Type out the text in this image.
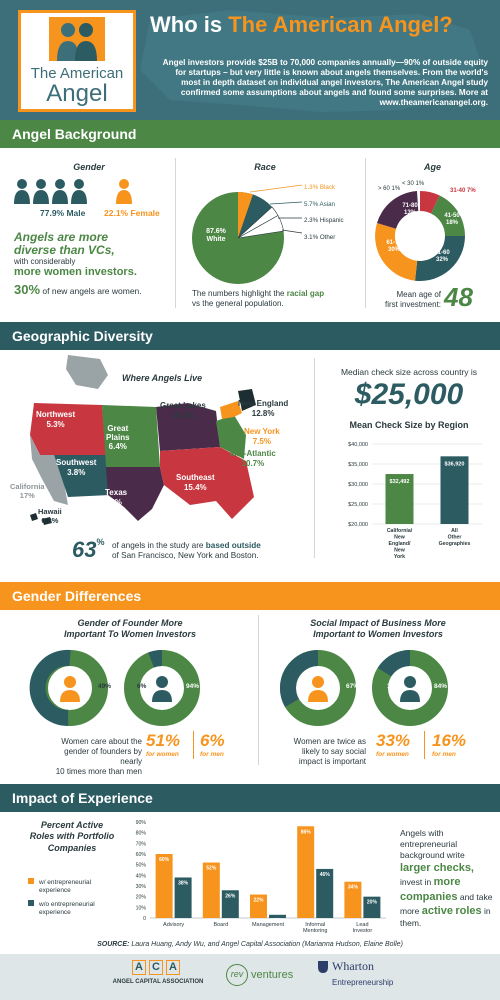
The American
Angel
Who is The American Angel?
Angel investors provide $25B to 70,000 companies annually—90% of outside equity for startups – but very little is known about angels themselves. From the world's most in depth dataset on individual angel investors, The American Angel study confirmed some assumptions about angels and found some surprises. More at www.theamericanangel.org.
Angel Background
Gender
77.9% Male 22.1% Female
Angels are more
diverse than VCs,
with considerably
more women investors.
30% of new angels are women.
Race
87.6%
White
1.3% Black
5.7% Asian
2.3% Hispanic
3.1% Other
The numbers highlight the racial gap
vs the general population.
Age
> 60 1%
< 30 1%
31-40 7%
71-80
13%
41-50
18%
61-70
30%
51-60
32%
Mean age of
first investment: 48
Geographic Diversity
Where Angels Live
Alaska
0.6%
Northwest
5.3%	Great
Plains
6.4%
Great Lakes
16.2%
New England
12.8%
New York
7.5%
Mid-Atlantic
10.7%
Southwest
3.8%
California
17%	Texas
4%
Southeast
15.4%
Hawaii
0.3%
63% of angels in the study are based outside
of San Francisco, New York and Boston.
Median check size across country is
$25,000
Mean Check Size by Region
$20,000
$25,000
$30,000
$35,000
$40,000
$32,492
California/
New
England/
New
York
$36,920
All
Other
Geographies
Gender Differences
Gender of Founder More
Important To Women Investors
51%	49%	6%	94%
Women care about the
gender of founders by nearly
10 times more than men
51%
for women
6%
for men
Social Impact of Business More
Important to Women Investors
33%	67%	16%	84%
Women are twice as
likely to say social
impact is important
33%
for women
16%
for men
Impact of Experience
Percent Active
Roles with Portfolio
Companies
w/ entrepreneurial
experience
w/o entrepreneurial
experience
0
10%
20%
30%
40%
50%
60%
70%
80%
90%
60%
38%
Advisory
52%
26%
Board
22%
3%
Management
86%
46%
Informal
Mentoring
34%
20%
Lead
Investor
Angels with entrepreneurial background write larger checks, invest in more companies and take more active roles in them.
SOURCE: Laura Huang, Andy Wu, and Angel Capital Association (Marianna Hudson, Elaine Bolle)
A C A
ANGEL CAPITAL ASSOCIATION
rev ventures
Wharton
Entrepreneurship
